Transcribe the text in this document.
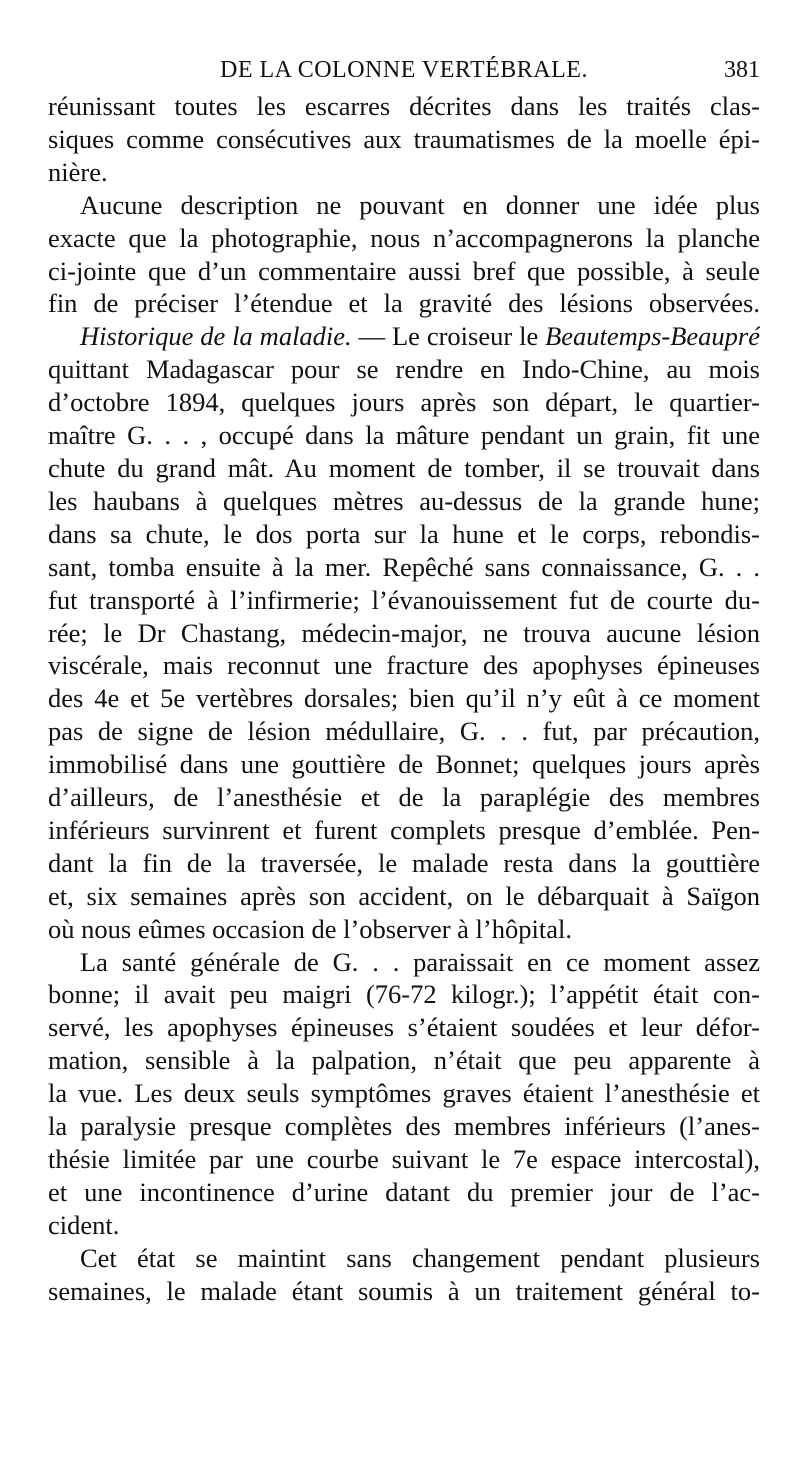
DE LA COLONNE VERTÉBRALE.	381

réunissant toutes les escarres décrites dans les traités clas-
siques comme consécutives aux traumatismes de la moelle épi-
nière.

Aucune description ne pouvant en donner une idée plus
exacte que la photographie, nous n’accompagnerons la planche
ci-jointe que d’un commentaire aussi bref que possible, à seule
fin de préciser l’étendue et la gravité des lésions observées.

Historique de la maladie. — Le croiseur le Beautemps-Beaupré
quittant Madagascar pour se rendre en Indo-Chine, au mois
d’octobre 1894, quelques jours après son départ, le quartier-
maître G. . . , occupé dans la mâture pendant un grain, fit une
chute du grand mât. Au moment de tomber, il se trouvait dans
les haubans à quelques mètres au-dessus de la grande hune;
dans sa chute, le dos porta sur la hune et le corps, rebondis-
sant, tomba ensuite à la mer. Repêché sans connaissance, G. . .
fut transporté à l’infirmerie; l’évanouissement fut de courte du-
rée; le Dr Chastang, médecin-major, ne trouva aucune lésion
viscérale, mais reconnut une fracture des apophyses épineuses
des 4e et 5e vertèbres dorsales; bien qu’il n’y eût à ce moment
pas de signe de lésion médullaire, G. . . fut, par précaution,
immobilisé dans une gouttière de Bonnet; quelques jours après
d’ailleurs, de l’anesthésie et de la paraplégie des membres
inférieurs survinrent et furent complets presque d’emblée. Pen-
dant la fin de la traversée, le malade resta dans la gouttière
et, six semaines après son accident, on le débarquait à Saïgon
où nous eûmes occasion de l’observer à l’hôpital.

La santé générale de G. . . paraissait en ce moment assez
bonne; il avait peu maigri (76-72 kilogr.); l’appétit était con-
servé, les apophyses épineuses s’étaient soudées et leur défor-
mation, sensible à la palpation, n’était que peu apparente à
la vue. Les deux seuls symptômes graves étaient l’anesthésie et
la paralysie presque complètes des membres inférieurs (l’anes-
thésie limitée par une courbe suivant le 7e espace intercostal),
et une incontinence d’urine datant du premier jour de l’ac-
cident.

Cet état se maintint sans changement pendant plusieurs
semaines, le malade étant soumis à un traitement général to-
